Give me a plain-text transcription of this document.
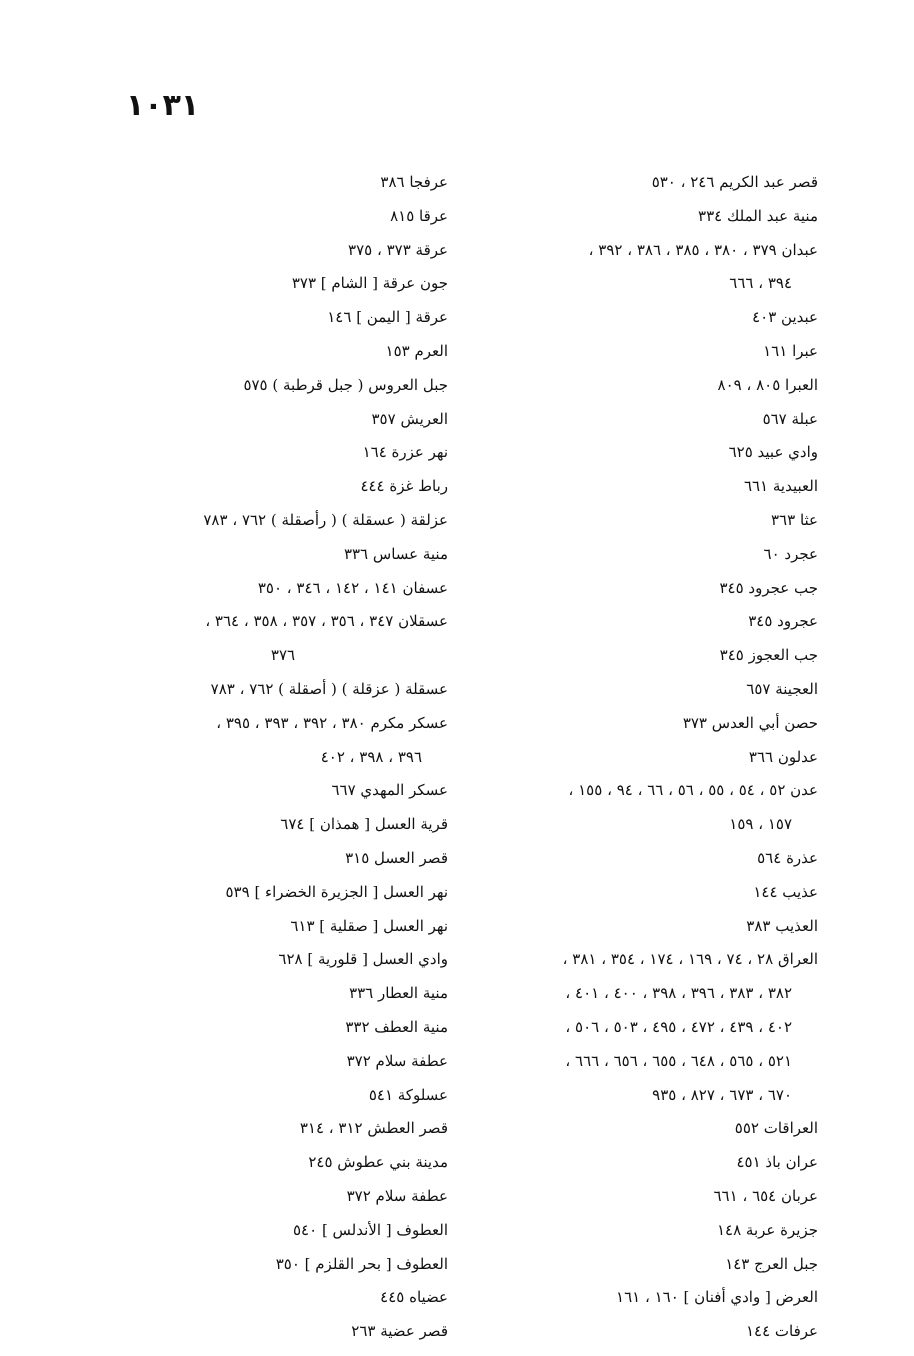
١٠٣١
قصر عبد الكريم ٢٤٦ ، ٥٣٠
منية عبد الملك ٣٣٤
عبدان ٣٧٩ ، ٣٨٠ ، ٣٨٥ ، ٣٨٦ ، ٣٩٢ ،
٣٩٤ ، ٦٦٦
عبدين ٤٠٣
عبرا ١٦١
العبرا ٨٠٥ ، ٨٠٩
عبلة ٥٦٧
وادي عبيد ٦٢٥
العبيدية ٦٦١
عثا ٣٦٣
عجرد ٦٠
جب عجرود ٣٤٥
عجرود ٣٤٥
جب العجوز ٣٤٥
العجينة ٦٥٧
حصن أبي العدس ٣٧٣
عدلون ٣٦٦
عدن ٥٢ ، ٥٤ ، ٥٥ ، ٥٦ ، ٦٦ ، ٩٤ ، ١٥٥ ،
١٥٧ ، ١٥٩
عذرة ٥٦٤
عذيب ١٤٤
العذيب ٣٨٣
العراق ٢٨ ، ٧٤ ، ١٦٩ ، ١٧٤ ، ٣٥٤ ، ٣٨١ ،
٣٨٢ ، ٣٨٣ ، ٣٩٦ ، ٣٩٨ ، ٤٠٠ ، ٤٠١ ،
٤٠٢ ، ٤٣٩ ، ٤٧٢ ، ٤٩٥ ، ٥٠٣ ، ٥٠٦ ،
٥٢١ ، ٥٦٥ ، ٦٤٨ ، ٦٥٥ ، ٦٥٦ ، ٦٦٦ ،
٦٧٠ ، ٦٧٣ ، ٨٢٧ ، ٩٣٥
العراقات ٥٥٢
عران باذ ٤٥١
عربان ٦٥٤ ، ٦٦١
جزيرة عربة ١٤٨
جبل العرج ١٤٣
العرض [ وادي أفنان ] ١٦٠ ، ١٦١
عرفات ١٤٤
عرفجا ٣٨٦
عرقا ٨١٥
عرقة ٣٧٣ ، ٣٧٥
جون عرقة [ الشام ] ٣٧٣
عرقة [ اليمن ] ١٤٦
العرم ١٥٣
جبل العروس ( جبل قرطبة ) ٥٧٥
العريش ٣٥٧
نهر عزرة ١٦٤
رباط غزة ٤٤٤
عزلقة ( عسقلة ) ( رأصقلة ) ٧٦٢ ، ٧٨٣
منية عساس ٣٣٦
عسفان ١٤١ ، ١٤٢ ، ٣٤٦ ، ٣٥٠
عسقلان ٣٤٧ ، ٣٥٦ ، ٣٥٧ ، ٣٥٨ ، ٣٦٤ ،
٣٧٦
عسقلة ( عزقلة ) ( أصقلة ) ٧٦٢ ، ٧٨٣
عسكر مكرم ٣٨٠ ، ٣٩٢ ، ٣٩٣ ، ٣٩٥ ،
٣٩٦ ، ٣٩٨ ، ٤٠٢
عسكر المهدي ٦٦٧
قرية العسل [ همذان ] ٦٧٤
قصر العسل ٣١٥
نهر العسل [ الجزيرة الخضراء ] ٥٣٩
نهر العسل [ صقلية ] ٦١٣
وادي العسل [ قلورية ] ٦٢٨
منية العطار ٣٣٦
منية العطف ٣٣٢
عطفة سلام ٣٧٢
عسلوكة ٥٤١
قصر العطش ٣١٢ ، ٣١٤
مدينة بني عطوش ٢٤٥
عطفة سلام ٣٧٢
العطوف [ الأندلس ] ٥٤٠
العطوف [ بحر القلزم ] ٣٥٠
عضياه ٤٤٥
قصر عضية ٢٦٣
